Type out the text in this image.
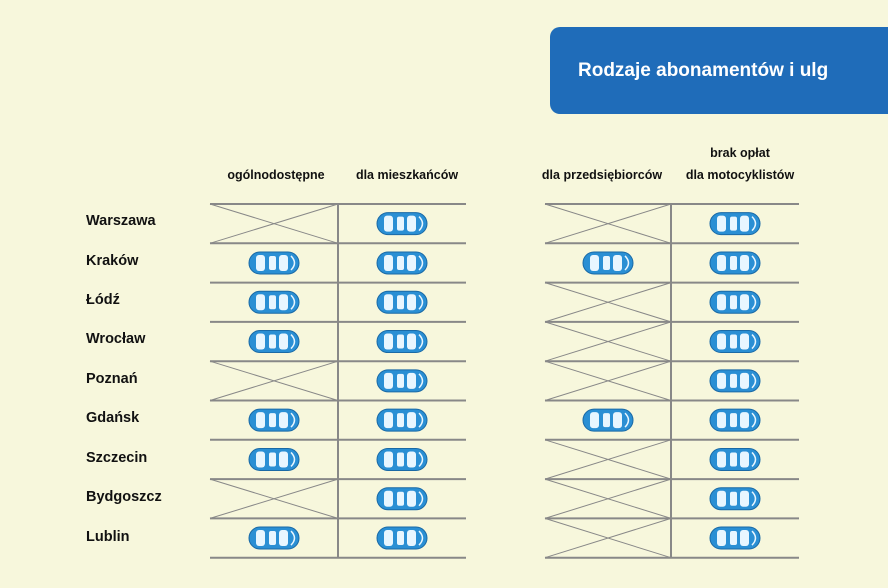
Rodzaje abonamentów i ulg
ogólnodostępne	dla mieszkańców	dla przedsiębiorców
brak opłat
dla motocyklistów
Warszawa
Kraków
Łódź
Wrocław
Poznań
Gdańsk
Szczecin
Bydgoszcz
Lublin
